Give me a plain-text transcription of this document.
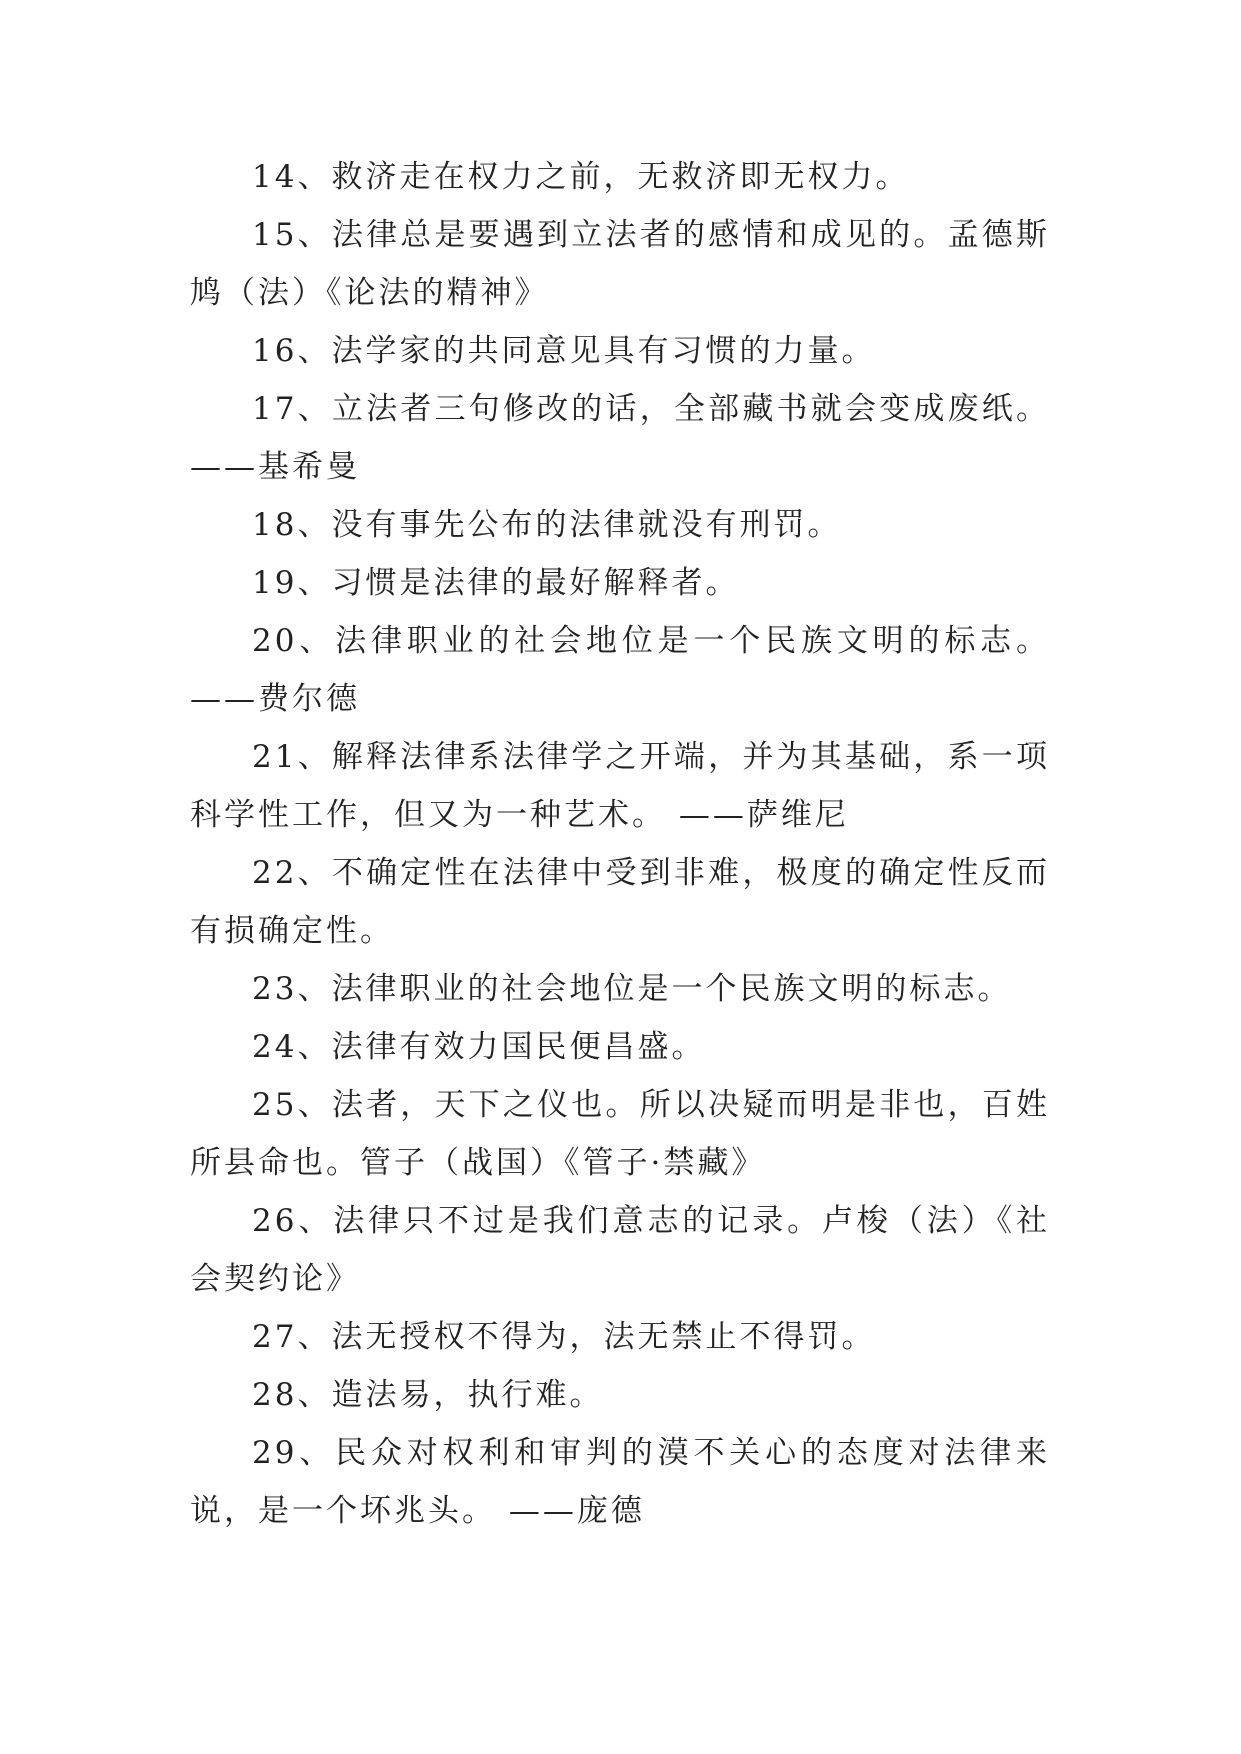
14、救济走在权力之前，无救济即无权力。

15、法律总是要遇到立法者的感情和成见的。孟德斯鸠（法）《论法的精神》

16、法学家的共同意见具有习惯的力量。

17、立法者三句修改的话，全部藏书就会变成废纸。——基希曼

18、没有事先公布的法律就没有刑罚。

19、习惯是法律的最好解释者。

20、法律职业的社会地位是一个民族文明的标志。——费尔德

21、解释法律系法律学之开端，并为其基础，系一项科学性工作，但又为一种艺术。 ——萨维尼

22、不确定性在法律中受到非难，极度的确定性反而有损确定性。

23、法律职业的社会地位是一个民族文明的标志。

24、法律有效力国民便昌盛。

25、法者，天下之仪也。所以决疑而明是非也，百姓所县命也。管子（战国）《管子·禁藏》

26、法律只不过是我们意志的记录。卢梭（法）《社会契约论》

27、法无授权不得为，法无禁止不得罚。

28、造法易，执行难。

29、民众对权利和审判的漠不关心的态度对法律来说，是一个坏兆头。 ——庞德
